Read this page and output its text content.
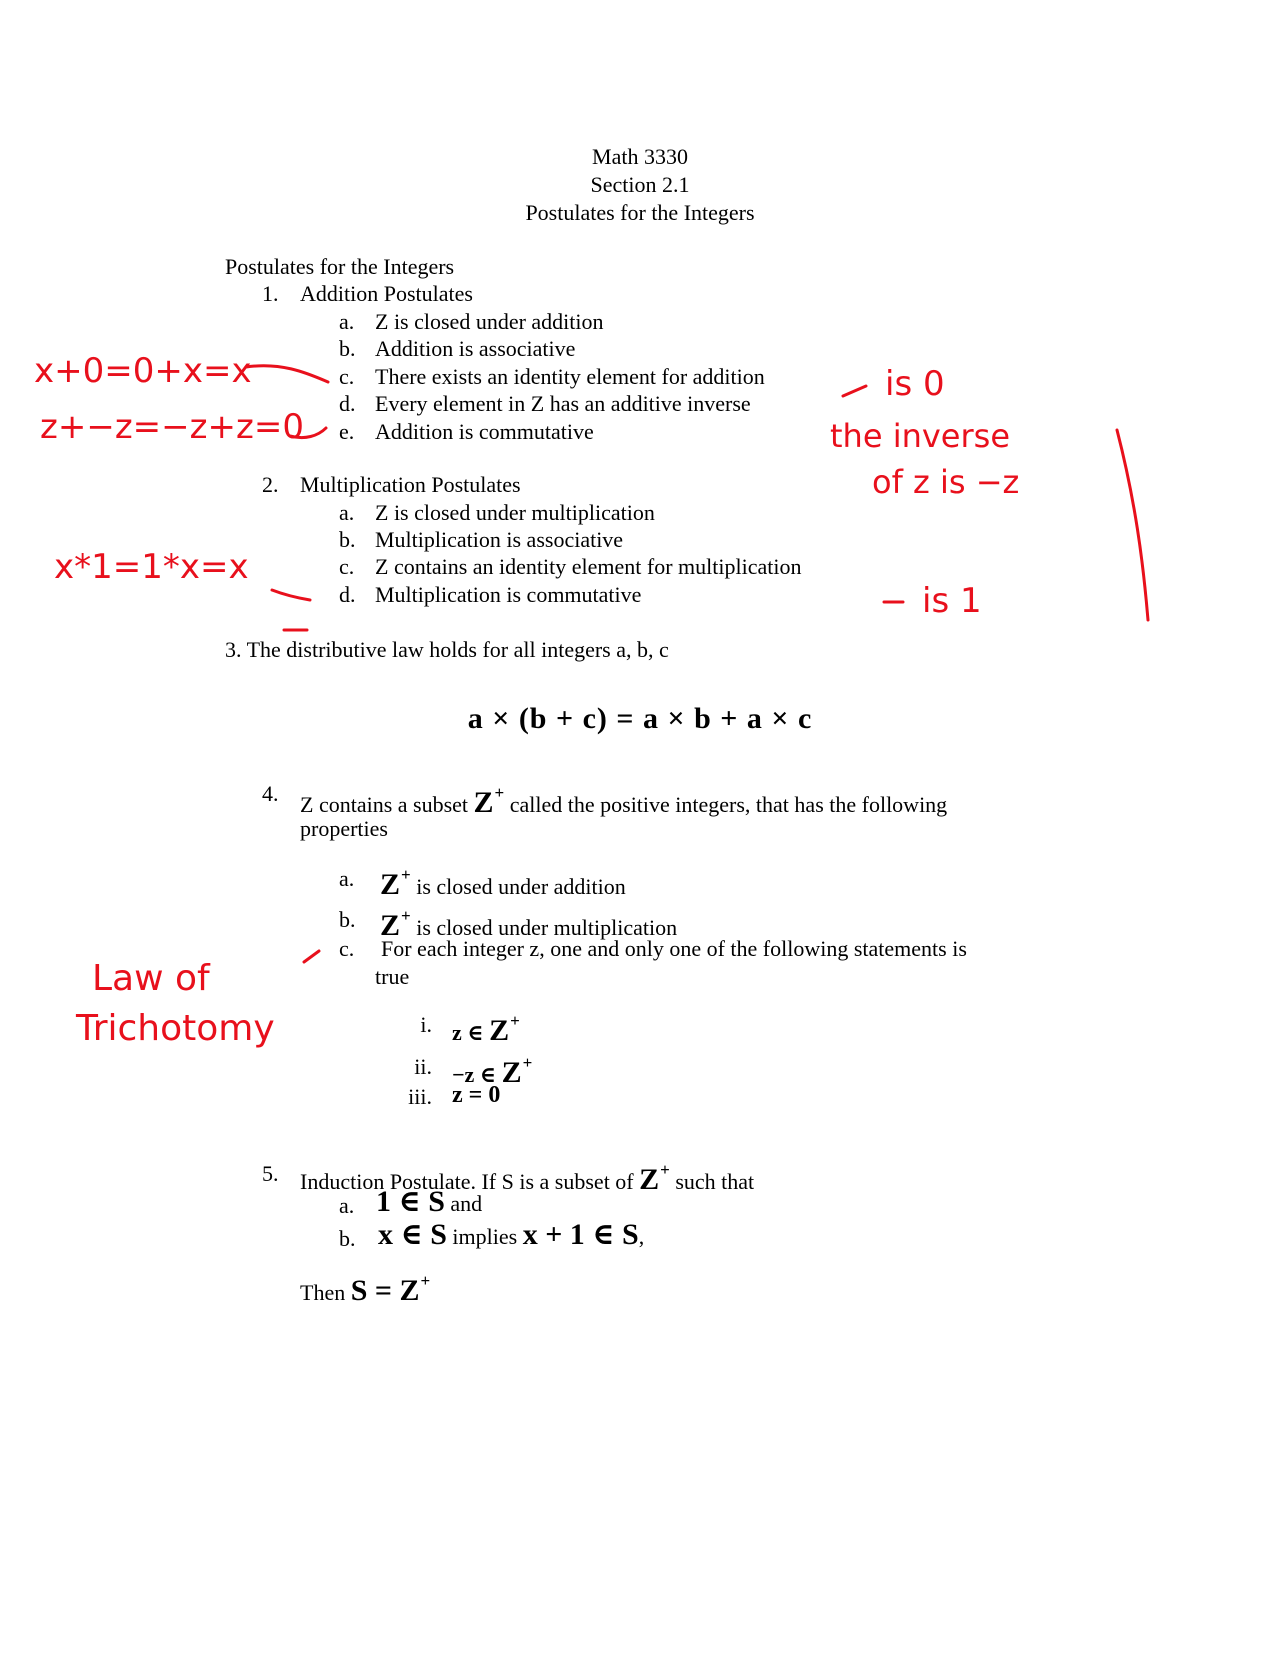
Math 3330
Section 2.1
Postulates for the Integers
Postulates for the Integers
1. Addition Postulates
a. Z is closed under addition
b. Addition is associative
c. There exists an identity element for addition
d. Every element in Z has an additive inverse
e. Addition is commutative
2. Multiplication Postulates
a. Z is closed under multiplication
b. Multiplication is associative
c. Z contains an identity element for multiplication
d. Multiplication is commutative
3. The distributive law holds for all integers a, b, c
a × (b + c) = a × b + a × c
4. Z contains a subset Z+ called the positive integers, that has the following
properties
a. Z+ is closed under addition
b. Z+ is closed under multiplication
c. For each integer z, one and only one of the following statements is
true
i. z ∈ Z+
ii. −z ∈ Z+
iii. z = 0
5. Induction Postulate. If S is a subset of Z+ such that
a. 1 ∈ S and
b. x ∈ S implies x + 1 ∈ S,
Then S = Z+
x+0=0+x=x
z+−z=−z+z=0
is 0
the inverse
of z is −z
x*1=1*x=x
is 1
Law of
Trichotomy
